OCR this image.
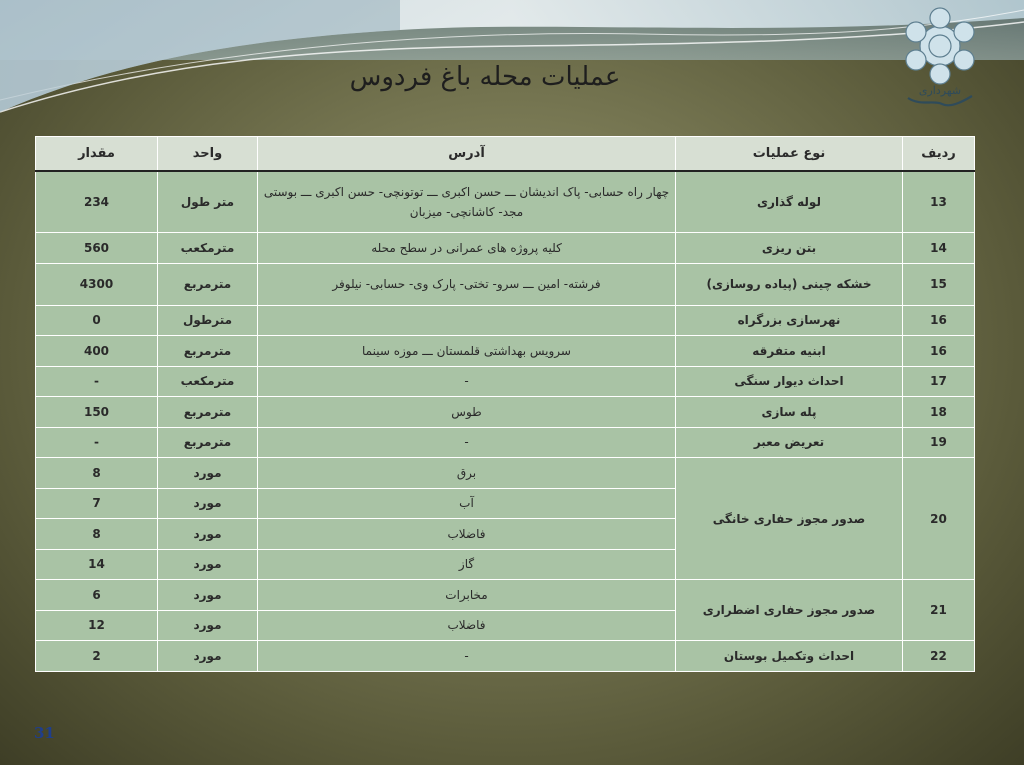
شهرداری
عملیات محله باغ فردوس
ردیف	نوع عملیات	آدرس	واحد	مقدار
13	لوله گذاری	چهار راه حسابی- پاک اندیشان ـــ حسن اکبری ـــ توتونچی- حسن اکبری ـــ بوستی مجد- کاشانچی- میزبان	متر طول	234
14	بتن ریزی	کلیه پروژه های عمرانی در سطح محله	مترمکعب	560
15	خشکه چینی (پیاده روسازی)	فرشته- امین ـــ سرو- تختی- پارک وی- حسابی- نیلوفر	مترمربع	4300
16	نهرسازی بزرگراه		مترطول	0
16	ابنیه متفرقه	سرویس بهداشتی قلمستان ـــ موزه سینما	مترمربع	400
17	احداث دیوار سنگی	-	مترمکعب	-
18	پله سازی	طوس	مترمربع	150
19	تعریض معبر	-	مترمربع	-
20	صدور مجوز حفاری خانگی	برق	مورد	8
		آب	مورد	7
		فاضلاب	مورد	8
		گاز	مورد	14
21	صدور مجوز حفاری اضطراری	مخابرات	مورد	6
		فاضلاب	مورد	12
22	احداث وتکمیل بوستان	-	مورد	2
31
